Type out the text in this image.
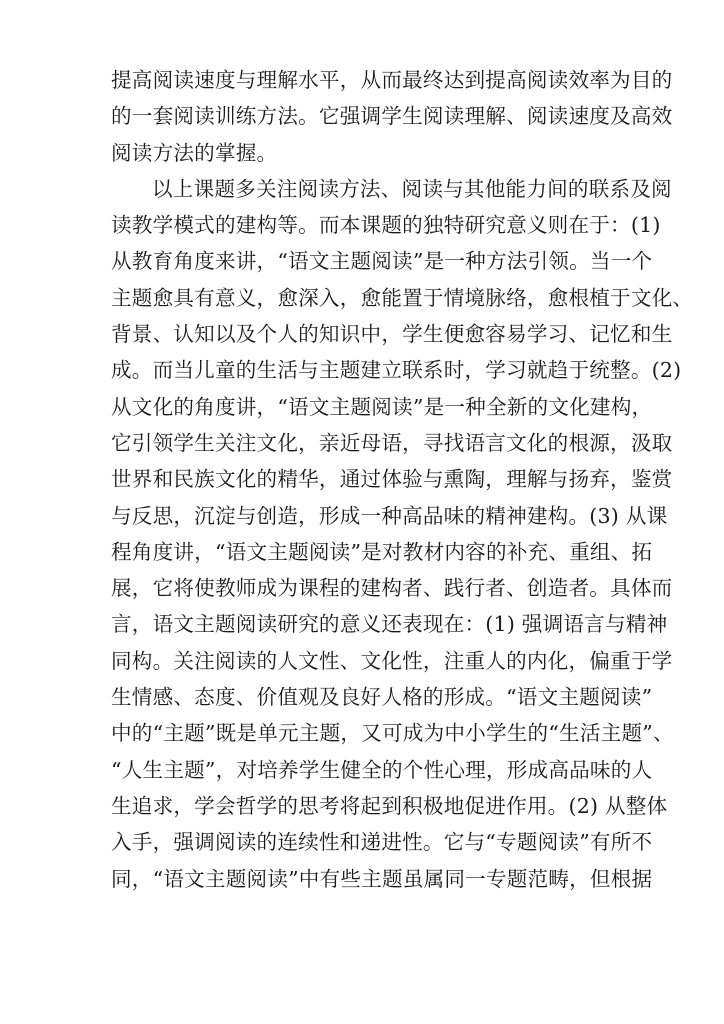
提高阅读速度与理解水平，从而最终达到提高阅读效率为目的
的一套阅读训练方法。它强调学生阅读理解、阅读速度及高效
阅读方法的掌握。
以上课题多关注阅读方法、阅读与其他能力间的联系及阅
读教学模式的建构等。而本课题的独特研究意义则在于：(1)
从教育角度来讲，“语文主题阅读”是一种方法引领。当一个
主题愈具有意义，愈深入，愈能置于情境脉络，愈根植于文化、
背景、认知以及个人的知识中，学生便愈容易学习、记忆和生
成。而当儿童的生活与主题建立联系时，学习就趋于统整。(2)
从文化的角度讲，“语文主题阅读”是一种全新的文化建构，
它引领学生关注文化，亲近母语，寻找语言文化的根源，汲取
世界和民族文化的精华，通过体验与熏陶，理解与扬弃，鉴赏
与反思，沉淀与创造，形成一种高品味的精神建构。(3) 从课
程角度讲，“语文主题阅读”是对教材内容的补充、重组、拓
展，它将使教师成为课程的建构者、践行者、创造者。具体而
言，语文主题阅读研究的意义还表现在：(1) 强调语言与精神
同构。关注阅读的人文性、文化性，注重人的内化，偏重于学
生情感、态度、价值观及良好人格的形成。“语文主题阅读”
中的“主题”既是单元主题，又可成为中小学生的“生活主题”、
“人生主题”，对培养学生健全的个性心理，形成高品味的人
生追求，学会哲学的思考将起到积极地促进作用。(2) 从整体
入手，强调阅读的连续性和递进性。它与“专题阅读”有所不
同，“语文主题阅读”中有些主题虽属同一专题范畴，但根据
